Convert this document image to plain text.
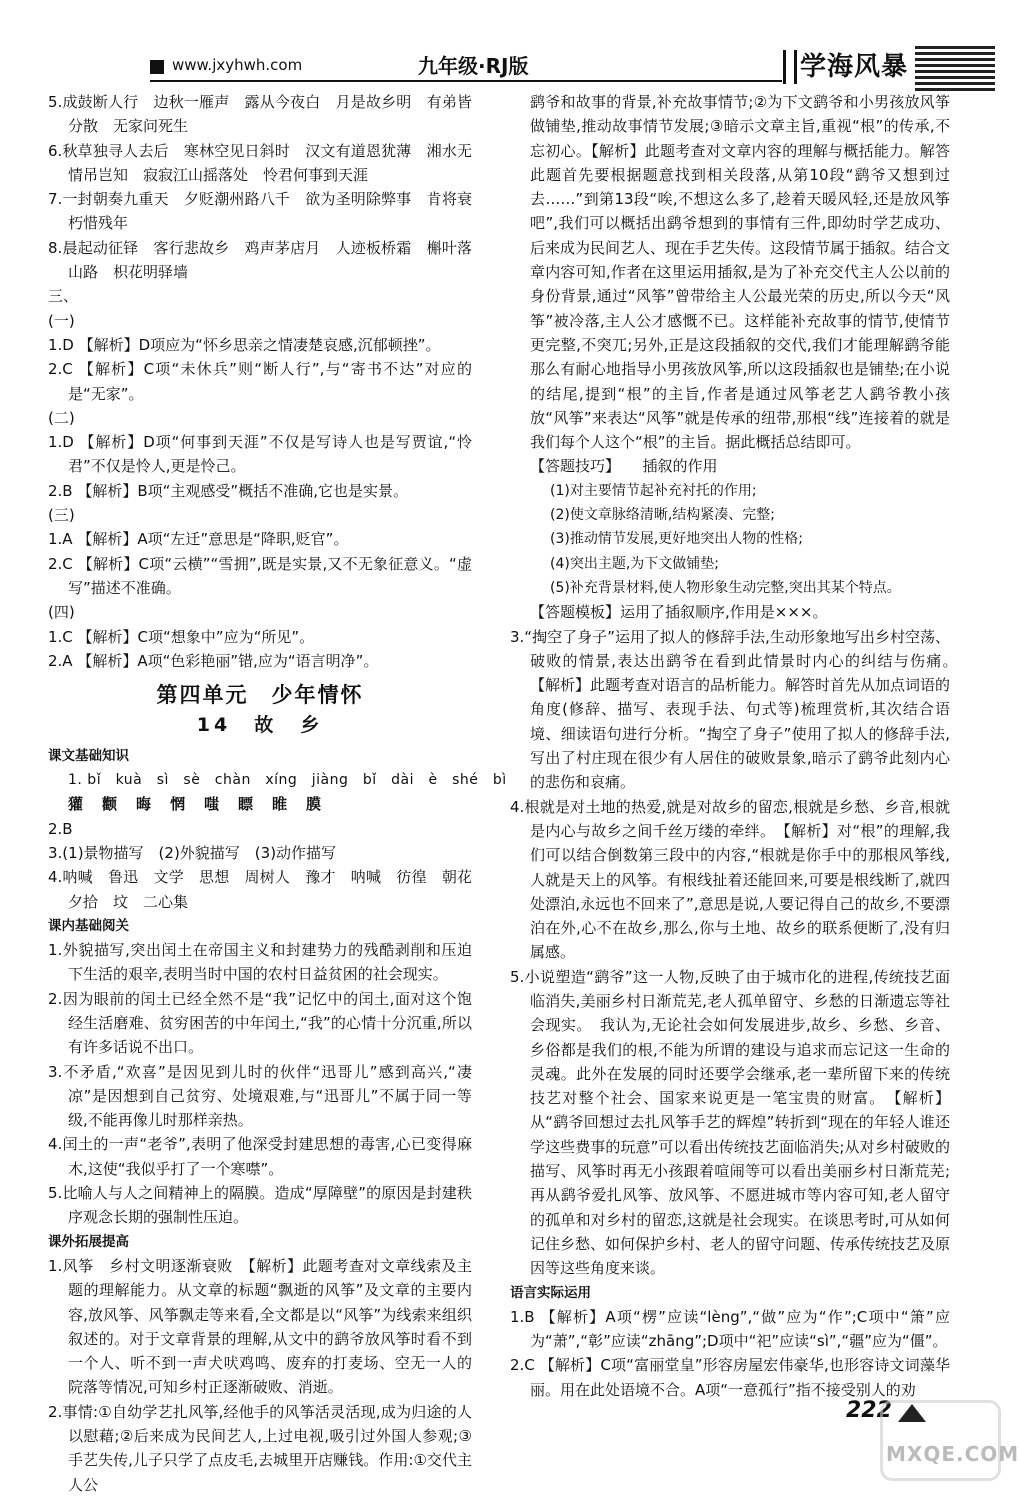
www.jxyhwh.com	九年级·RJ版	学海风暴
5.成鼓断人行　边秋一雁声　露从今夜白　月是故乡明　有弟皆分散　无家问死生
6.秋草独寻人去后　寒林空见日斜时　汉文有道恩犹薄　湘水无情吊岂知　寂寂江山摇落处　怜君何事到天涯
7.一封朝奏九重天　夕贬潮州路八千　欲为圣明除弊事　肯将衰朽惜残年
8.晨起动征铎　客行悲故乡　鸡声茅店月　人迹板桥霜　槲叶落山路　枳花明驿墙
三、
(一)
1.D 【解析】D项应为“怀乡思亲之情凄楚哀感,沉郁顿挫”。
2.C 【解析】C项“未休兵”则“断人行”,与“寄书不达”对应的是“无家”。
(二)
1.D 【解析】D项“何事到天涯”不仅是写诗人也是写贾谊,“怜君”不仅是怜人,更是怜己。
2.B 【解析】B项“主观感受”概括不准确,它也是实景。
(三)
1.A 【解析】A项“左迁”意思是“降职,贬官”。
2.C 【解析】C项“云横”“雪拥”,既是实景,又不无象征意义。“虚写”描述不准确。
(四)
1.C 【解析】C项“想象中”应为“所见”。
2.A 【解析】A项“色彩艳丽”错,应为“语言明净”。
第四单元　少年情怀
14　故　乡
课文基础知识
1. bǐ　kuà　sì　sè　chàn　xíng　jiàng　bǐ　dài　è　shé　bì
獾　颧　晦　惘　嗤　瞟　睢　膜
2.B
3.(1)景物描写　(2)外貌描写　(3)动作描写
4.呐喊　鲁迅　文学　思想　周树人　豫才　呐喊　彷徨　朝花夕拾　坟　二心集
课内基础阅关
1.外貌描写,突出闰土在帝国主义和封建势力的残酷剥削和压迫下生活的艰辛,表明当时中国的农村日益贫困的社会现实。
2.因为眼前的闰土已经全然不是“我”记忆中的闰土,面对这个饱经生活磨难、贫穷困苦的中年闰土,“我”的心情十分沉重,所以有许多话说不出口。
3.不矛盾,“欢喜”是因见到儿时的伙伴“迅哥儿”感到高兴,“凄凉”是因想到自己贫穷、处境艰难,与“迅哥儿”不属于同一等级,不能再像儿时那样亲热。
4.闰土的一声“老爷”,表明了他深受封建思想的毒害,心已变得麻木,这使“我似乎打了一个寒噤”。
5.比喻人与人之间精神上的隔膜。造成“厚障壁”的原因是封建秩序观念长期的强制性压迫。
课外拓展提高
1.风筝　乡村文明逐渐衰败　【解析】此题考查对文章线索及主题的理解能力。从文章的标题“飘逝的风筝”及文章的主要内容,放风筝、风筝飘走等来看,全文都是以“风筝”为线索来组织叙述的。对于文章背景的理解,从文中的鹞爷放风筝时看不到一个人、听不到一声犬吠鸡鸣、废弃的打麦场、空无一人的院落等情况,可知乡村正逐渐破败、消逝。
2.事情:①自幼学艺扎风筝,经他手的风筝活灵活现,成为归途的人以慰藉;②后来成为民间艺人,上过电视,吸引过外国人参观;③手艺失传,儿子只学了点皮毛,去城里开店赚钱。作用:①交代主人公
鹞爷和故事的背景,补充故事情节;②为下文鹞爷和小男孩放风筝做铺垫,推动故事情节发展;③暗示文章主旨,重视“根”的传承,不忘初心。【解析】此题考查对文章内容的理解与概括能力。解答此题首先要根据题意找到相关段落,从第10段“鹞爷又想到过去……”到第13段“唉,不想这么多了,趁着天暖风轻,还是放风筝吧”,我们可以概括出鹞爷想到的事情有三件,即幼时学艺成功、后来成为民间艺人、现在手艺失传。这段情节属于插叙。结合文章内容可知,作者在这里运用插叙,是为了补充交代主人公以前的身份背景,通过“风筝”曾带给主人公最光荣的历史,所以今天“风筝”被冷落,主人公才感慨不已。这样能补充故事的情节,使情节更完整,不突兀;另外,正是这段插叙的交代,我们才能理解鹞爷能那么有耐心地指导小男孩放风筝,所以这段插叙也是铺垫;在小说的结尾,提到“根”的主旨,作者是通过风筝老艺人鹞爷教小孩放“风筝”来表达“风筝”就是传承的纽带,那根“线”连接着的就是我们每个人这个“根”的主旨。据此概括总结即可。
【答题技巧】　　插叙的作用
(1)对主要情节起补充衬托的作用;
(2)使文章脉络清晰,结构紧凑、完整;
(3)推动情节发展,更好地突出人物的性格;
(4)突出主题,为下文做铺垫;
(5)补充背景材料,使人物形象生动完整,突出其某个特点。
【答题模板】运用了插叙顺序,作用是×××。
3.“掏空了身子”运用了拟人的修辞手法,生动形象地写出乡村空荡、破败的情景,表达出鹞爷在看到此情景时内心的纠结与伤痛。　【解析】此题考查对语言的品析能力。解答时首先从加点词语的角度(修辞、描写、表现手法、句式等)梳理赏析,其次结合语境、细读语句进行分析。“掏空了身子”使用了拟人的修辞手法,写出了村庄现在很少有人居住的破败景象,暗示了鹞爷此刻内心的悲伤和哀痛。
4.根就是对土地的热爱,就是对故乡的留恋,根就是乡愁、乡音,根就是内心与故乡之间千丝万缕的牵绊。　【解析】对“根”的理解,我们可以结合倒数第三段中的内容,“根就是你手中的那根风筝线,人就是天上的风筝。有根线扯着还能回来,可要是根线断了,就四处漂泊,永远也不回来了”,意思是说,人要记得自己的故乡,不要漂泊在外,心不在故乡,那么,你与土地、故乡的联系便断了,没有归属感。
5.小说塑造“鹞爷”这一人物,反映了由于城市化的进程,传统技艺面临消失,美丽乡村日渐荒芜,老人孤单留守、乡愁的日渐遗忘等社会现实。　我认为,无论社会如何发展进步,故乡、乡愁、乡音、乡俗都是我们的根,不能为所谓的建设与追求而忘记这一生命的灵魂。此外在发展的同时还要学会继承,老一辈所留下来的传统技艺对整个社会、国家来说更是一笔宝贵的财富。　【解析】从“鹞爷回想过去扎风筝手艺的辉煌”转折到“现在的年轻人谁还学这些费事的玩意”可以看出传统技艺面临消失;从对乡村破败的描写、风筝时再无小孩跟着喧闹等可以看出美丽乡村日渐荒芜;再从鹞爷爱扎风筝、放风筝、不愿进城市等内容可知,老人留守的孤单和对乡村的留恋,这就是社会现实。在谈思考时,可从如何记住乡愁、如何保护乡村、老人的留守问题、传承传统技艺及原因等这些角度来谈。
语言实际运用
1.B 【解析】A项“楞”应读“lèng”,“做”应为“作”;C项中“箫”应为“萧”,“彰”应读“zhāng”;D项中“祀”应读“sì”,“疆”应为“僵”。
2.C 【解析】C项“富丽堂皇”形容房屋宏伟豪华,也形容诗文词藻华丽。用在此处语境不合。A项“一意孤行”指不接受别人的劝
222
MXQE.COM
